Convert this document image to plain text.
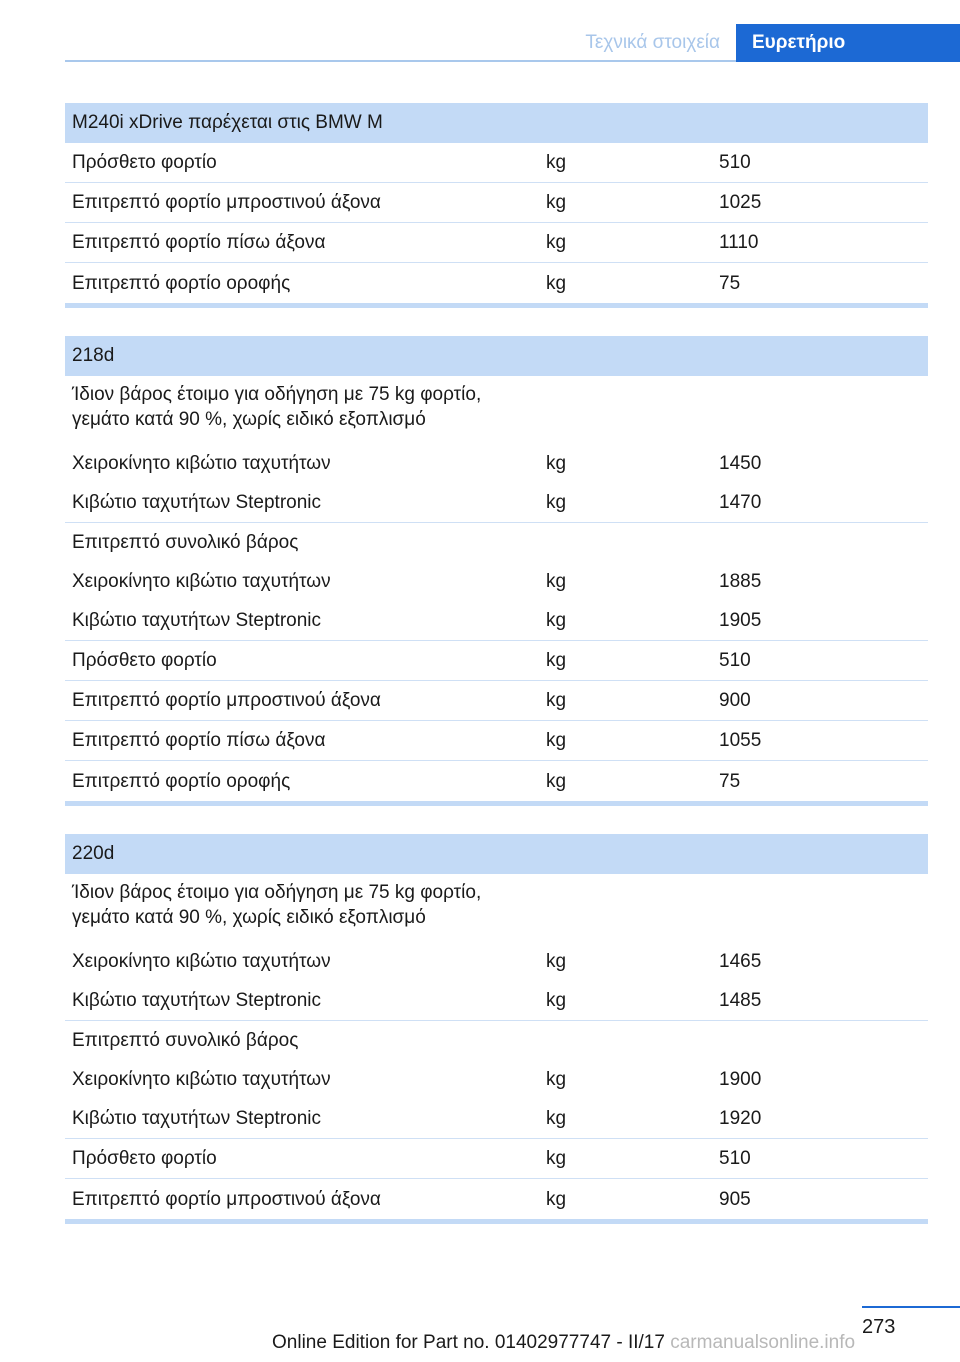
Τεχνικά στοιχεία	Ευρετήριο
M240i xDrive παρέχεται στις BMW M
Πρόσθετο φορτίο	kg	510
Επιτρεπτό φορτίο μπροστινού άξονα	kg	1025
Επιτρεπτό φορτίο πίσω άξονα	kg	1110
Επιτρεπτό φορτίο οροφής	kg	75
218d
Ίδιον βάρος έτοιμο για οδήγηση με 75 kg φορτίο, γεμάτο κατά 90 %, χωρίς ειδικό εξοπλισμό
Χειροκίνητο κιβώτιο ταχυτήτων	kg	1450
Κιβώτιο ταχυτήτων Steptronic	kg	1470
Επιτρεπτό συνολικό βάρος
Χειροκίνητο κιβώτιο ταχυτήτων	kg	1885
Κιβώτιο ταχυτήτων Steptronic	kg	1905
Πρόσθετο φορτίο	kg	510
Επιτρεπτό φορτίο μπροστινού άξονα	kg	900
Επιτρεπτό φορτίο πίσω άξονα	kg	1055
Επιτρεπτό φορτίο οροφής	kg	75
220d
Ίδιον βάρος έτοιμο για οδήγηση με 75 kg φορτίο, γεμάτο κατά 90 %, χωρίς ειδικό εξοπλισμό
Χειροκίνητο κιβώτιο ταχυτήτων	kg	1465
Κιβώτιο ταχυτήτων Steptronic	kg	1485
Επιτρεπτό συνολικό βάρος
Χειροκίνητο κιβώτιο ταχυτήτων	kg	1900
Κιβώτιο ταχυτήτων Steptronic	kg	1920
Πρόσθετο φορτίο	kg	510
Επιτρεπτό φορτίο μπροστινού άξονα	kg	905
273
Online Edition for Part no. 01402977747 - II/17 carmanualsonline.info
